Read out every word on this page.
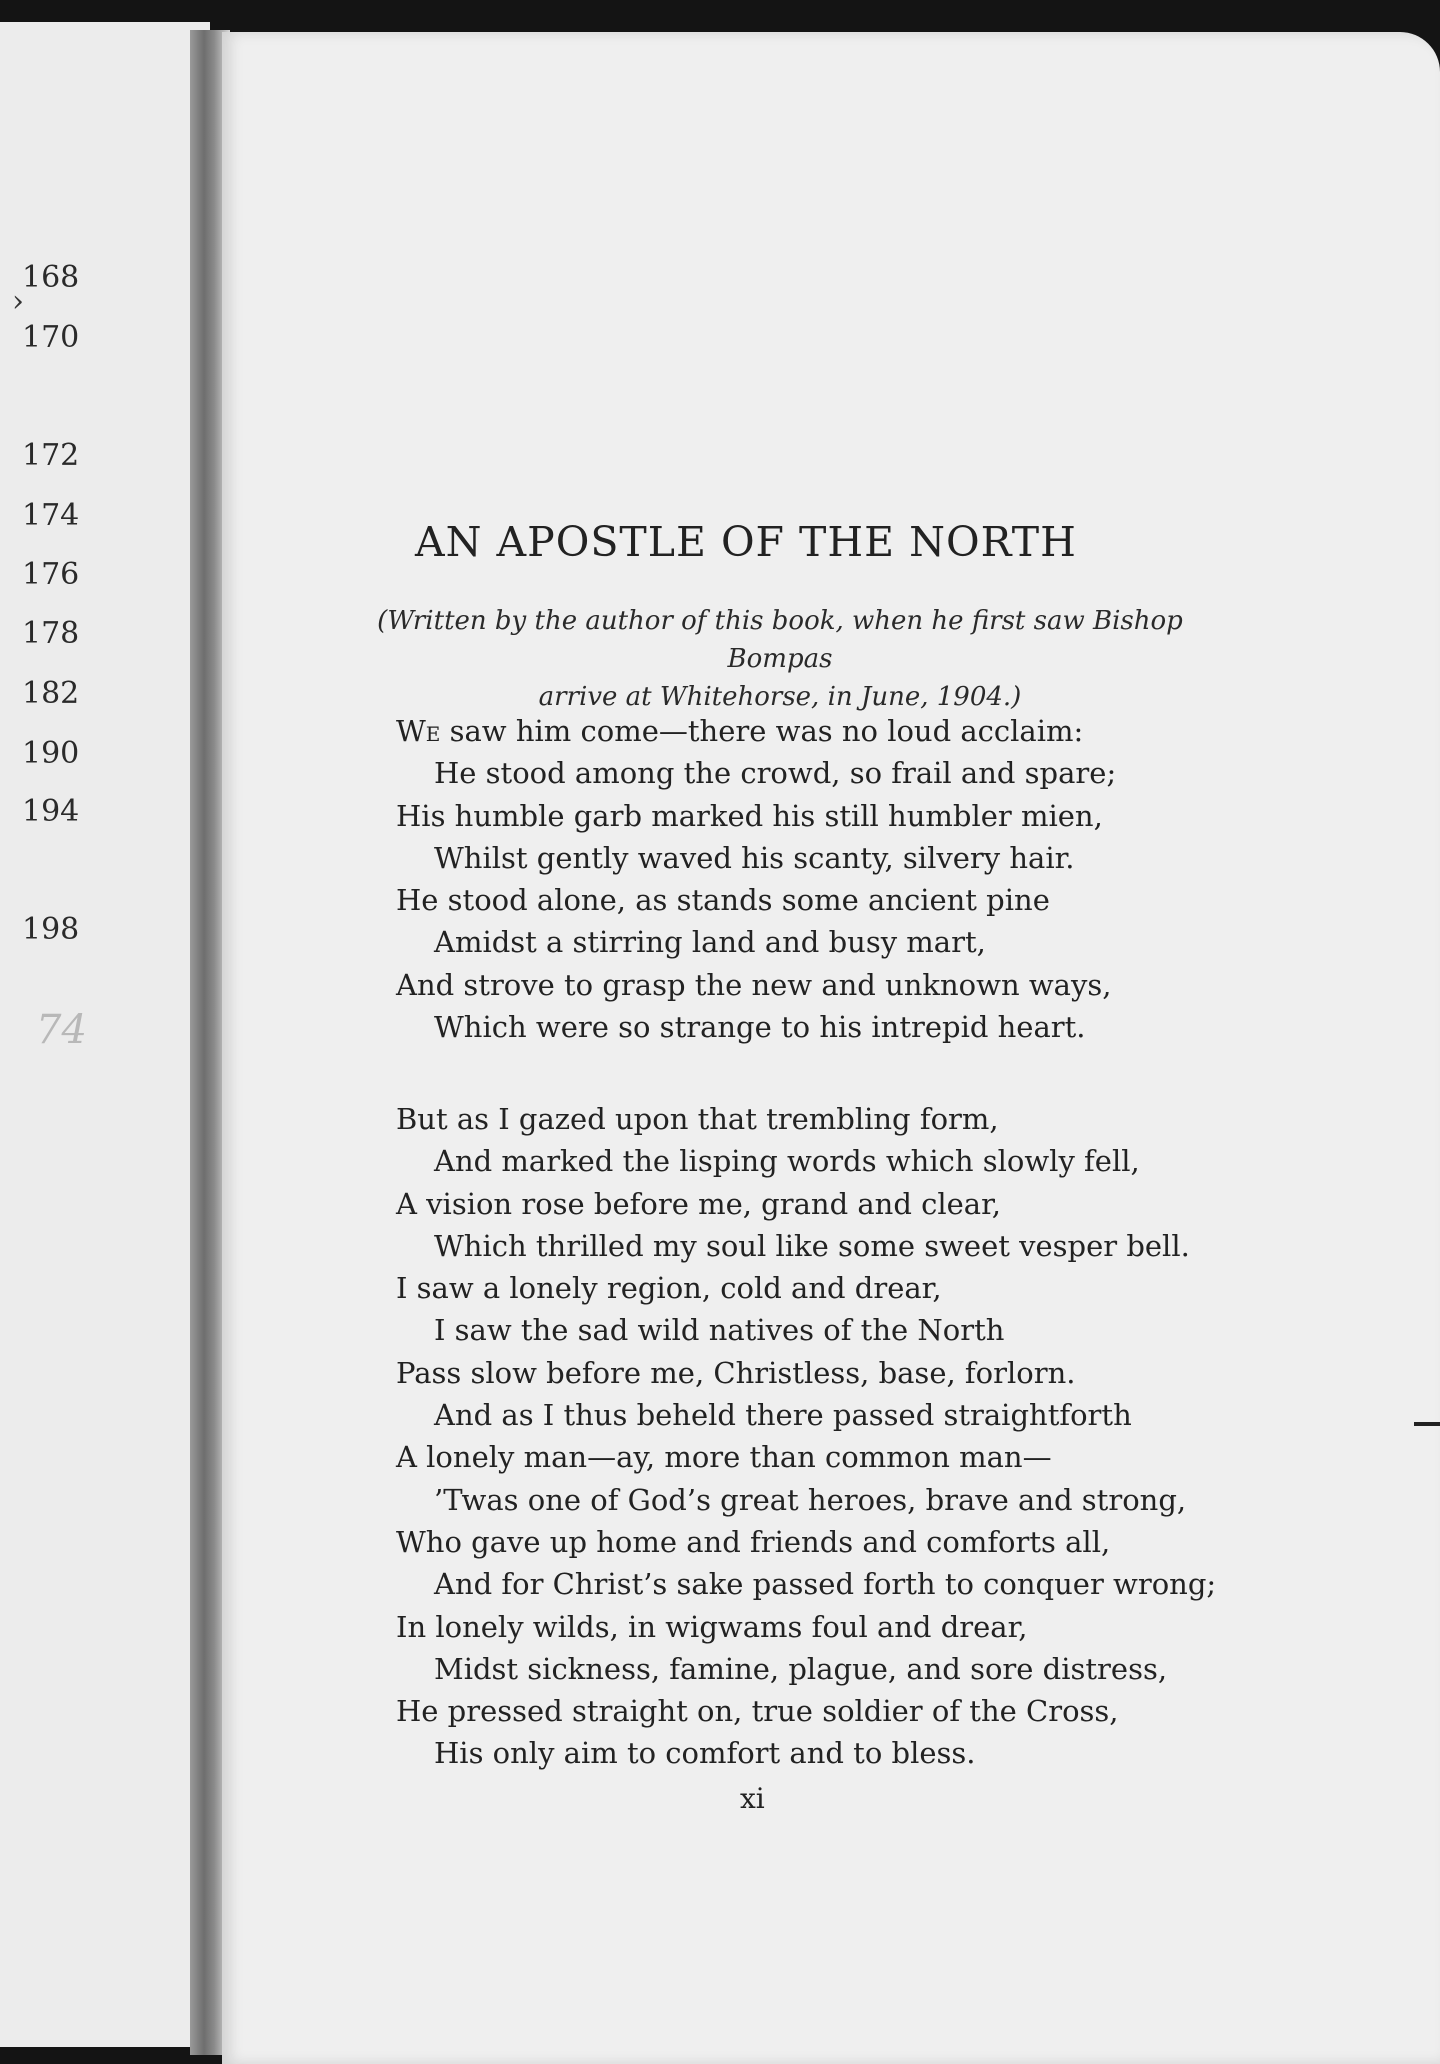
›
168
170
172
174
176
178
182
190
194
198
74
AN APOSTLE OF THE NORTH
(Written by the author of this book, when he first saw Bishop Bompas
arrive at Whitehorse, in June, 1904.)
We saw him come—there was no loud acclaim:
He stood among the crowd, so frail and spare;
His humble garb marked his still humbler mien,
Whilst gently waved his scanty, silvery hair.
He stood alone, as stands some ancient pine
Amidst a stirring land and busy mart,
And strove to grasp the new and unknown ways,
Which were so strange to his intrepid heart.
But as I gazed upon that trembling form,
And marked the lisping words which slowly fell,
A vision rose before me, grand and clear,
Which thrilled my soul like some sweet vesper bell.
I saw a lonely region, cold and drear,
I saw the sad wild natives of the North
Pass slow before me, Christless, base, forlorn.
And as I thus beheld there passed straightforth
A lonely man—ay, more than common man—
’Twas one of God’s great heroes, brave and strong,
Who gave up home and friends and comforts all,
And for Christ’s sake passed forth to conquer wrong;
In lonely wilds, in wigwams foul and drear,
Midst sickness, famine, plague, and sore distress,
He pressed straight on, true soldier of the Cross,
His only aim to comfort and to bless.
xi
